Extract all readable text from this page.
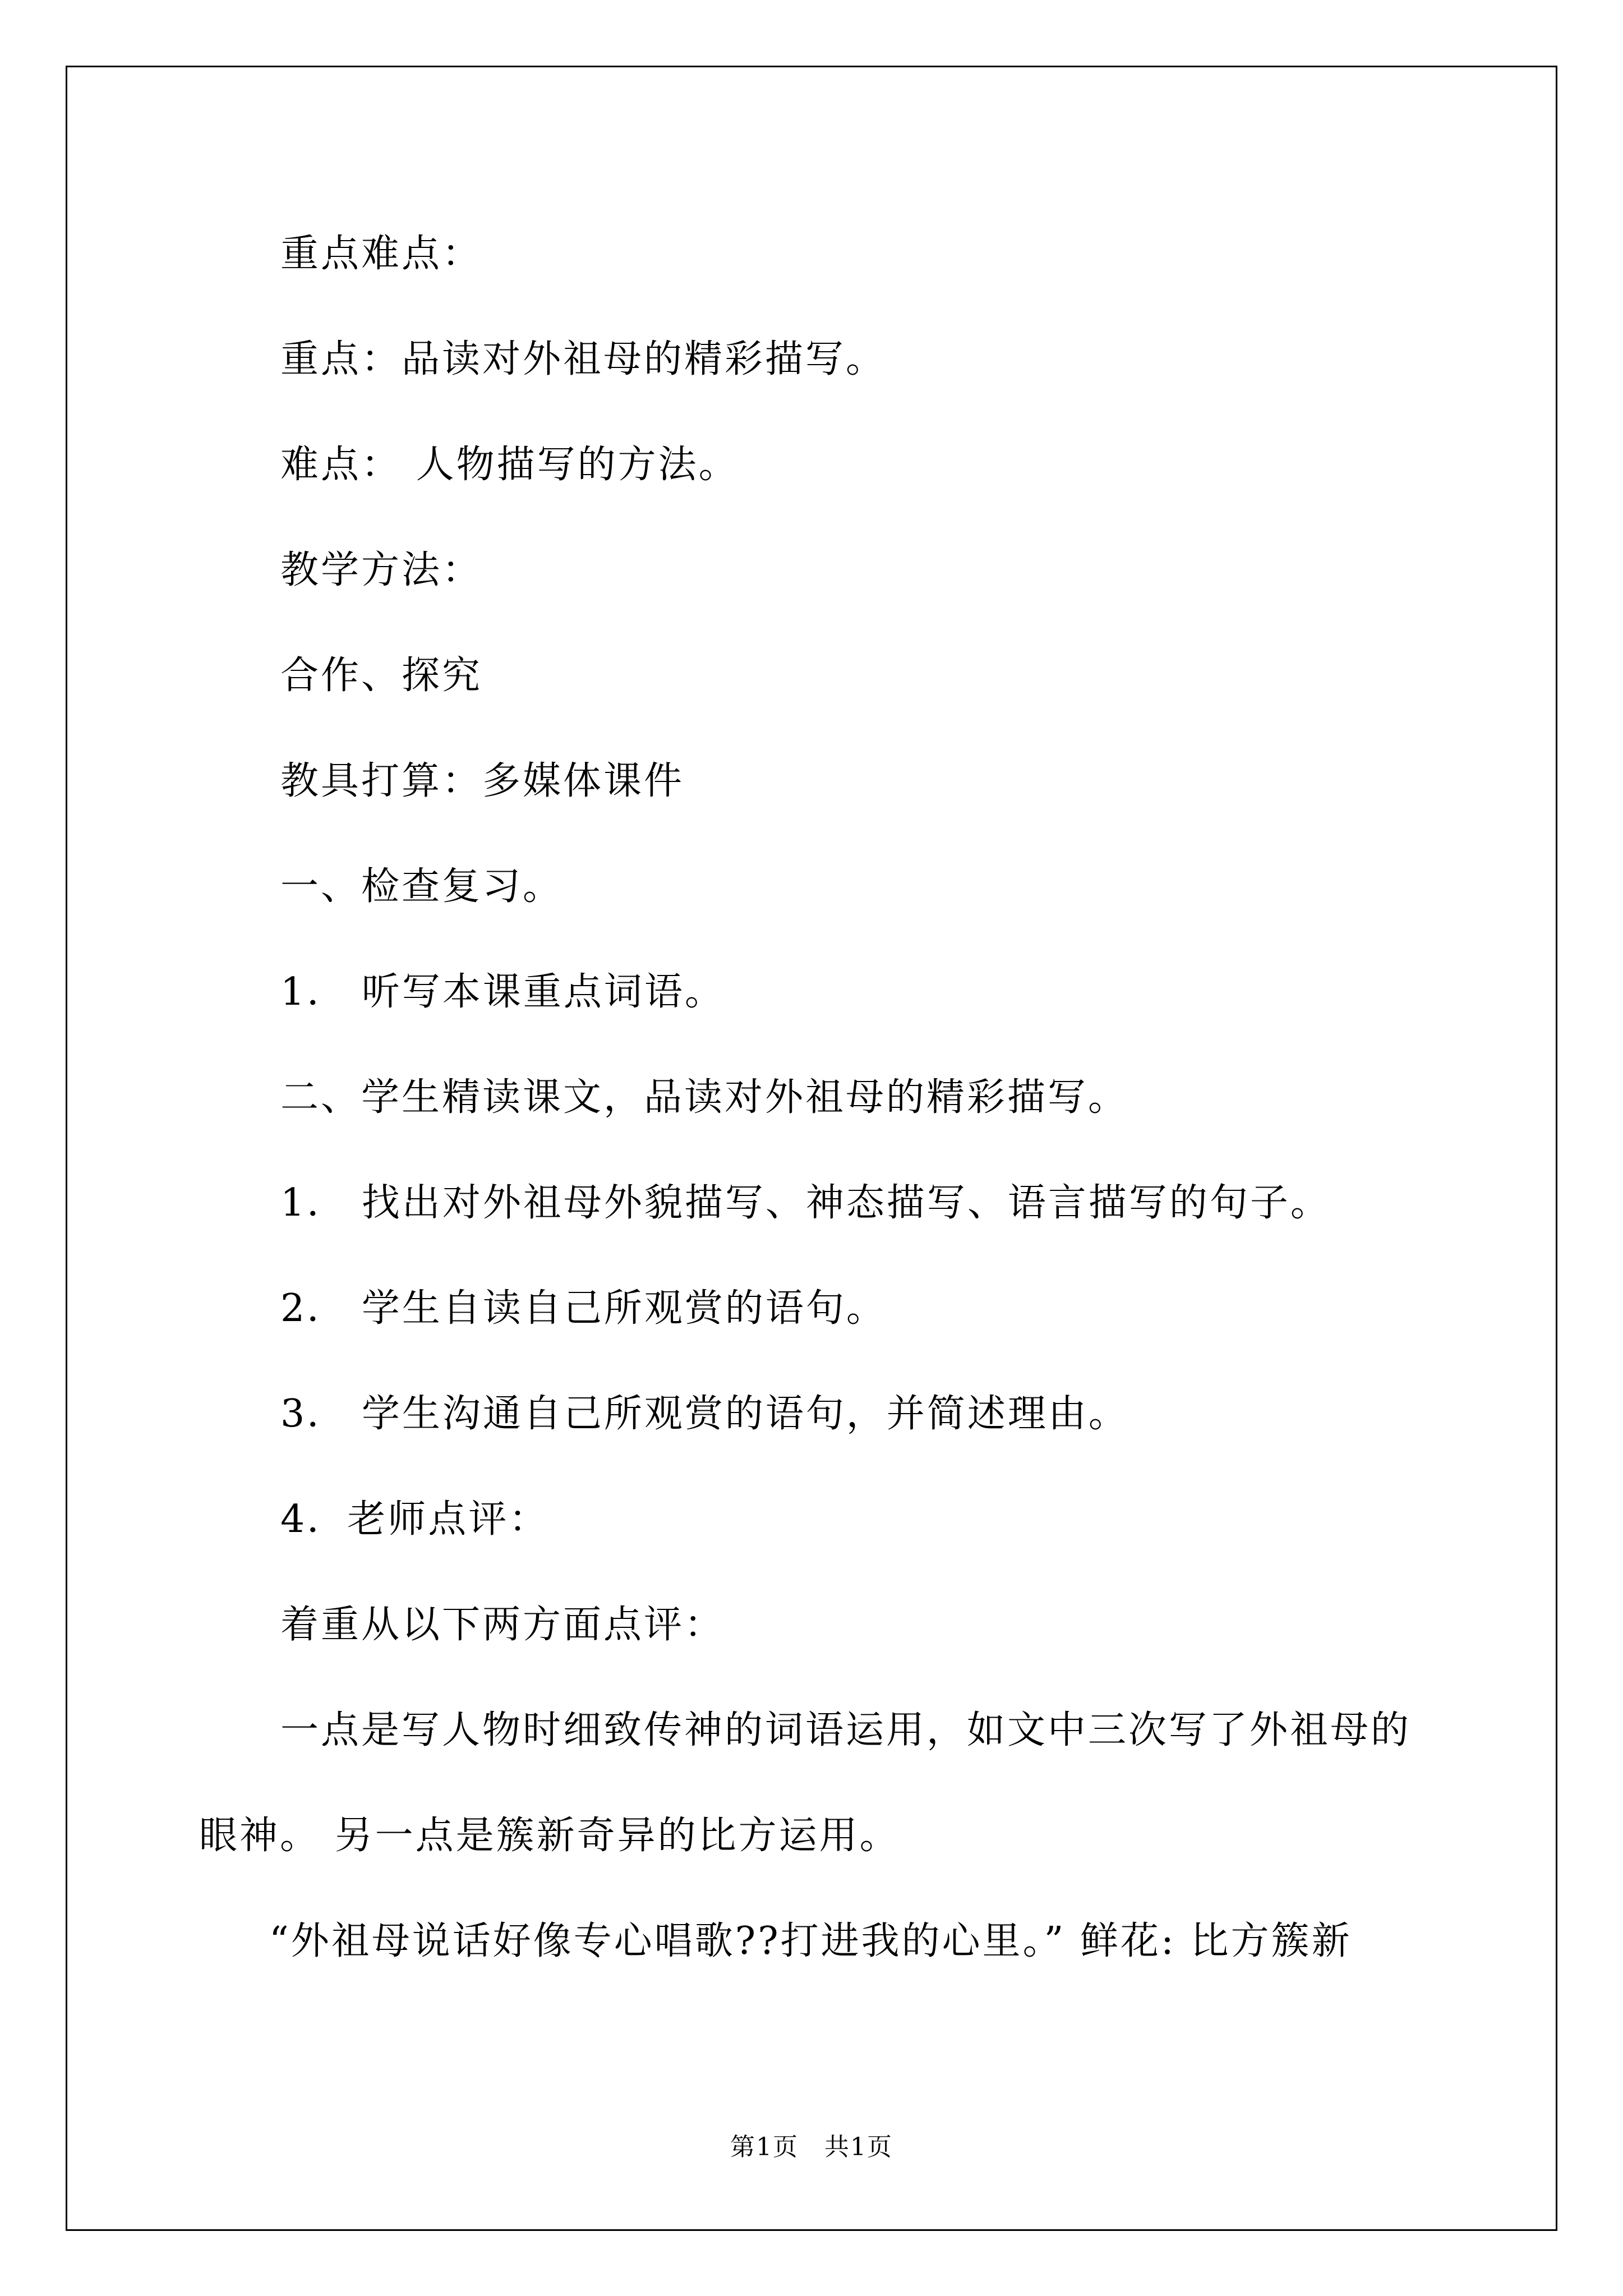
重点难点：
重点：品读对外祖母的精彩描写。
难点： 人物描写的方法。
教学方法：
合作、探究
教具打算：多媒体课件
一、检查复习。
1． 听写本课重点词语。
二、学生精读课文，品读对外祖母的精彩描写。
1． 找出对外祖母外貌描写、神态描写、语言描写的句子。
2． 学生自读自己所观赏的语句。
3． 学生沟通自己所观赏的语句，并简述理由。
4．老师点评：
着重从以下两方面点评：
一点是写人物时细致传神的词语运用，如文中三次写了外祖母的
眼神。 另一点是簇新奇异的比方运用。
“外祖母说话好像专心唱歌??打进我的心里。” 鲜花: 比方簇新
第1页　共1页
